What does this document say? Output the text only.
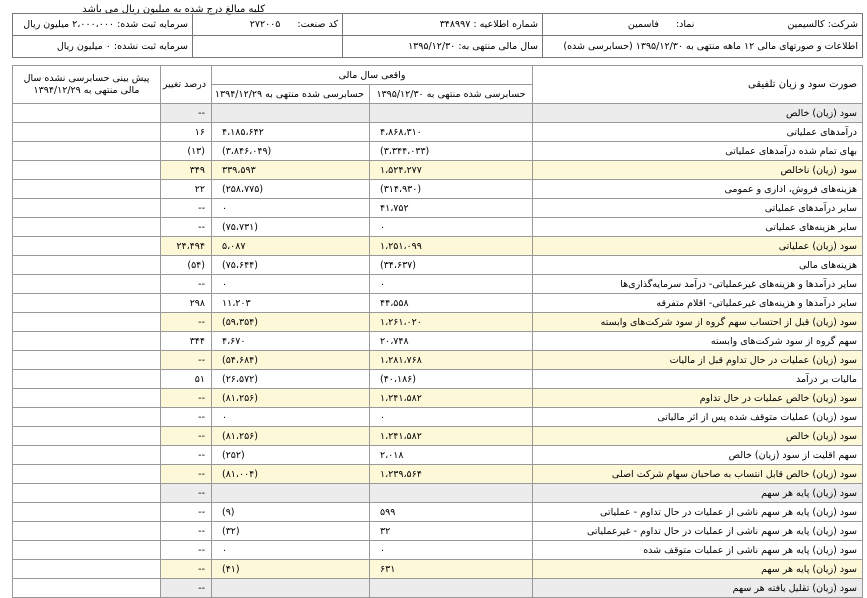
کلیه مبالغ درج شده به میلیون ریال می باشد
شرکت: کالسیمین نماد: فاسمین	شماره اطلاعیه : ۳۴۸۹۹۷	کد صنعت: ۲۷۲۰۰۵	سرمایه ثبت شده: ۲،۰۰۰،۰۰۰ میلیون ریال
اطلاعات و صورتهای مالی ۱۲ ماهه منتهی به ۱۳۹۵/۱۲/۳۰ (حسابرسی شده)	سال مالی منتهی به: ۱۳۹۵/۱۲/۳۰		سرمایه ثبت نشده: ۰ میلیون ریال
صورت سود و زیان تلفیقی	واقعی سال مالی		درصد تغییر	پیش بینی حسابرسی نشده سال مالی منتهی به ۱۳۹۴/۱۲/۲۹
	حسابرسی شده منتهی به ۱۳۹۵/۱۲/۳۰	حسابرسی شده منتهی به ۱۳۹۴/۱۲/۲۹		
سود (زیان) خالص			--	
درآمدهای عملیاتی	۴،۸۶۸،۳۱۰	۴،۱۸۵،۶۴۲	۱۶	
بهای تمام شده درآمدهای عملیاتی	(۳،۳۴۴،۰۳۳)	(۳،۸۴۶،۰۴۹)	(۱۳)	
سود (زیان) ناخالص	۱،۵۲۴،۲۷۷	۳۳۹،۵۹۳	۳۴۹	
هزینه‌های فروش، اداری و عمومی	(۳۱۴،۹۳۰)	(۲۵۸،۷۷۵)	۲۲	
سایر درآمدهای عملیاتی	۴۱،۷۵۲	۰	--	
سایر هزینه‌های عملیاتی	۰	(۷۵،۷۳۱)	--	
سود (زیان) عملیاتی	۱،۲۵۱،۰۹۹	۵،۰۸۷	۲۴،۴۹۴	
هزینه‌های مالی	(۳۴،۶۳۷)	(۷۵،۶۴۴)	(۵۴)	
سایر درآمدها و هزینه‌های غیرعملیاتی- درآمد سرمایه‌گذاری‌ها	۰	۰	--	
سایر درآمدها و هزینه‌های غیرعملیاتی- اقلام متفرقه	۴۴،۵۵۸	۱۱،۲۰۳	۲۹۸	
سود (زیان) قبل از احتساب سهم گروه از سود شرکت‌های وابسته	۱،۲۶۱،۰۲۰	(۵۹،۳۵۴)	--	
سهم گروه از سود شرکت‌های وابسته	۲۰،۷۴۸	۴،۶۷۰	۳۴۴	
سود (زیان) عملیات در حال تداوم قبل از مالیات	۱،۲۸۱،۷۶۸	(۵۴،۶۸۴)	--	
مالیات بر درآمد	(۴۰،۱۸۶)	(۲۶،۵۷۲)	۵۱	
سود (زیان) خالص عملیات در حال تداوم	۱،۲۴۱،۵۸۲	(۸۱،۲۵۶)	--	
سود (زیان) عملیات متوقف شده پس از اثر مالیاتی	۰	۰	--	
سود (زیان) خالص	۱،۲۴۱،۵۸۲	(۸۱،۲۵۶)	--	
سهم اقلیت از سود (زیان) خالص	۲،۰۱۸	(۲۵۲)	--	
سود (زیان) خالص قابل انتساب به صاحبان سهام شرکت اصلی	۱،۲۳۹،۵۶۴	(۸۱،۰۰۴)	--	
سود (زیان) پایه هر سهم			--	
سود (زیان) پایه هر سهم ناشی از عملیات در حال تداوم - عملیاتی	۵۹۹	(۹)	--	
سود (زیان) پایه هر سهم ناشی از عملیات در حال تداوم - غیرعملیاتی	۳۲	(۳۲)	--	
سود (زیان) پایه هر سهم ناشی از عملیات متوقف شده	۰	۰	--	
سود (زیان) پایه هر سهم	۶۳۱	(۴۱)	--	
سود (زیان) تقلیل یافته هر سهم			--	
